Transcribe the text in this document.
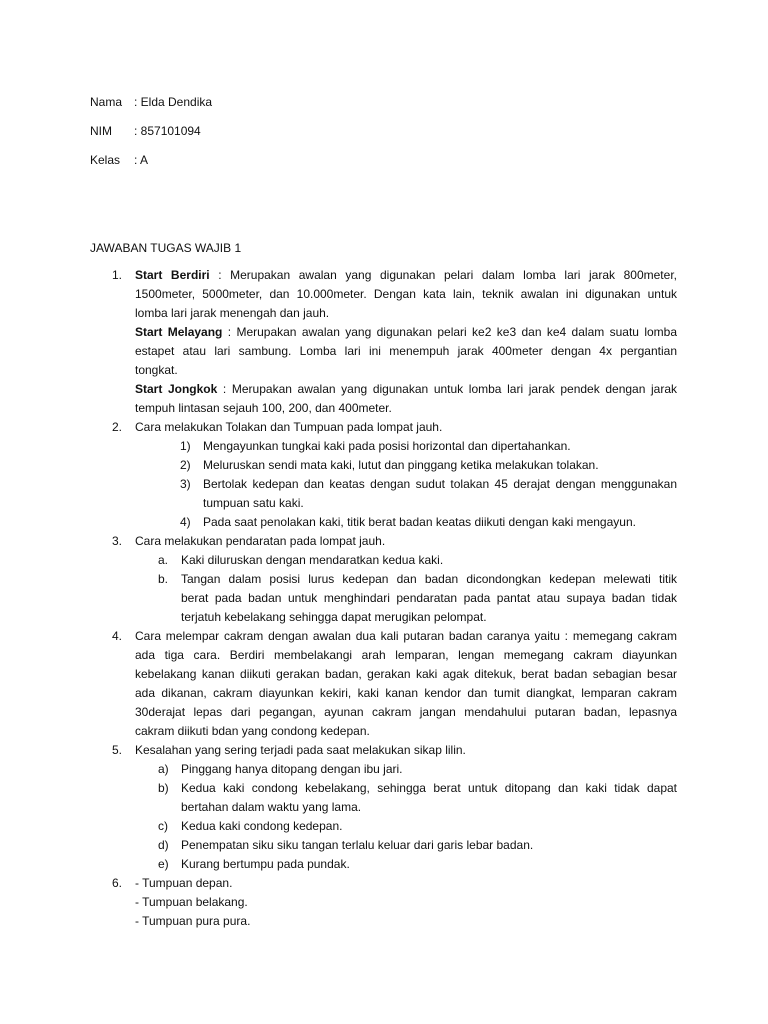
Nama : Elda Dendika
NIM : 857101094
Kelas : A
JAWABAN TUGAS WAJIB 1
1. Start Berdiri : Merupakan awalan yang digunakan pelari dalam lomba lari jarak 800meter,
1500meter, 5000meter, dan 10.000meter. Dengan kata lain, teknik awalan ini digunakan untuk
lomba lari jarak menengah dan jauh.
Start Melayang : Merupakan awalan yang digunakan pelari ke2 ke3 dan ke4 dalam suatu lomba
estapet atau lari sambung. Lomba lari ini menempuh jarak 400meter dengan 4x pergantian
tongkat.
Start Jongkok : Merupakan awalan yang digunakan untuk lomba lari jarak pendek dengan jarak
tempuh lintasan sejauh 100, 200, dan 400meter.
2. Cara melakukan Tolakan dan Tumpuan pada lompat jauh.
1) Mengayunkan tungkai kaki pada posisi horizontal dan dipertahankan.
2) Meluruskan sendi mata kaki, lutut dan pinggang ketika melakukan tolakan.
3) Bertolak kedepan dan keatas dengan sudut tolakan 45 derajat dengan menggunakan
tumpuan satu kaki.
4) Pada saat penolakan kaki, titik berat badan keatas diikuti dengan kaki mengayun.
3. Cara melakukan pendaratan pada lompat jauh.
a. Kaki diluruskan dengan mendaratkan kedua kaki.
b. Tangan dalam posisi lurus kedepan dan badan dicondongkan kedepan melewati titik
berat pada badan untuk menghindari pendaratan pada pantat atau supaya badan tidak
terjatuh kebelakang sehingga dapat merugikan pelompat.
4. Cara melempar cakram dengan awalan dua kali putaran badan caranya yaitu : memegang cakram
ada tiga cara. Berdiri membelakangi arah lemparan, lengan memegang cakram diayunkan
kebelakang kanan diikuti gerakan badan, gerakan kaki agak ditekuk, berat badan sebagian besar
ada dikanan, cakram diayunkan kekiri, kaki kanan kendor dan tumit diangkat, lemparan cakram
30derajat lepas dari pegangan, ayunan cakram jangan mendahului putaran badan, lepasnya
cakram diikuti bdan yang condong kedepan.
5. Kesalahan yang sering terjadi pada saat melakukan sikap lilin.
a) Pinggang hanya ditopang dengan ibu jari.
b) Kedua kaki condong kebelakang, sehingga berat untuk ditopang dan kaki tidak dapat
bertahan dalam waktu yang lama.
c) Kedua kaki condong kedepan.
d) Penempatan siku siku tangan terlalu keluar dari garis lebar badan.
e) Kurang bertumpu pada pundak.
6. - Tumpuan depan.
- Tumpuan belakang.
- Tumpuan pura pura.
